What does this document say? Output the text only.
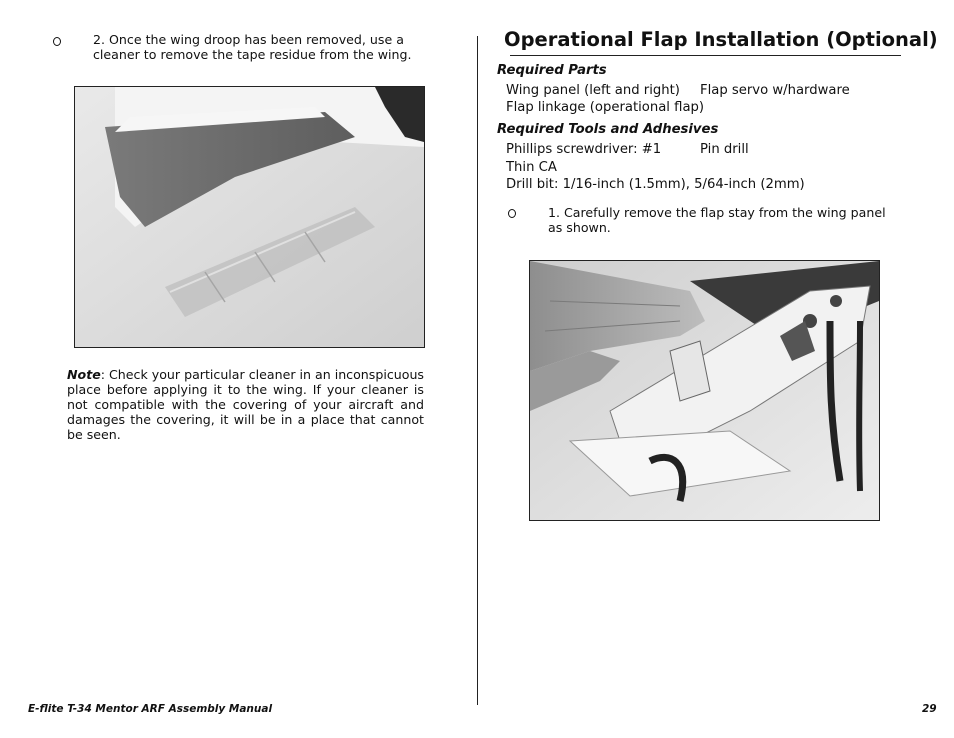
2. Once the wing droop has been removed, use a cleaner to remove the tape residue from the wing.
Note: Check your particular cleaner in an inconspicuous place before applying it to the wing. If your cleaner is not compatible with the covering of your aircraft and damages the covering, it will be in a place that cannot be seen.
Operational Flap Installation (Optional)
Required Parts
Wing panel (left and right) Flap servo w/hardware
Flap linkage (operational flap)
Required Tools and Adhesives
Phillips screwdriver: #1	Pin drill
Thin CA
Drill bit: 1/16-inch (1.5mm), 5/64-inch (2mm)
1. Carefully remove the flap stay from the wing panel as shown.
E-flite T-34 Mentor ARF Assembly Manual	29
